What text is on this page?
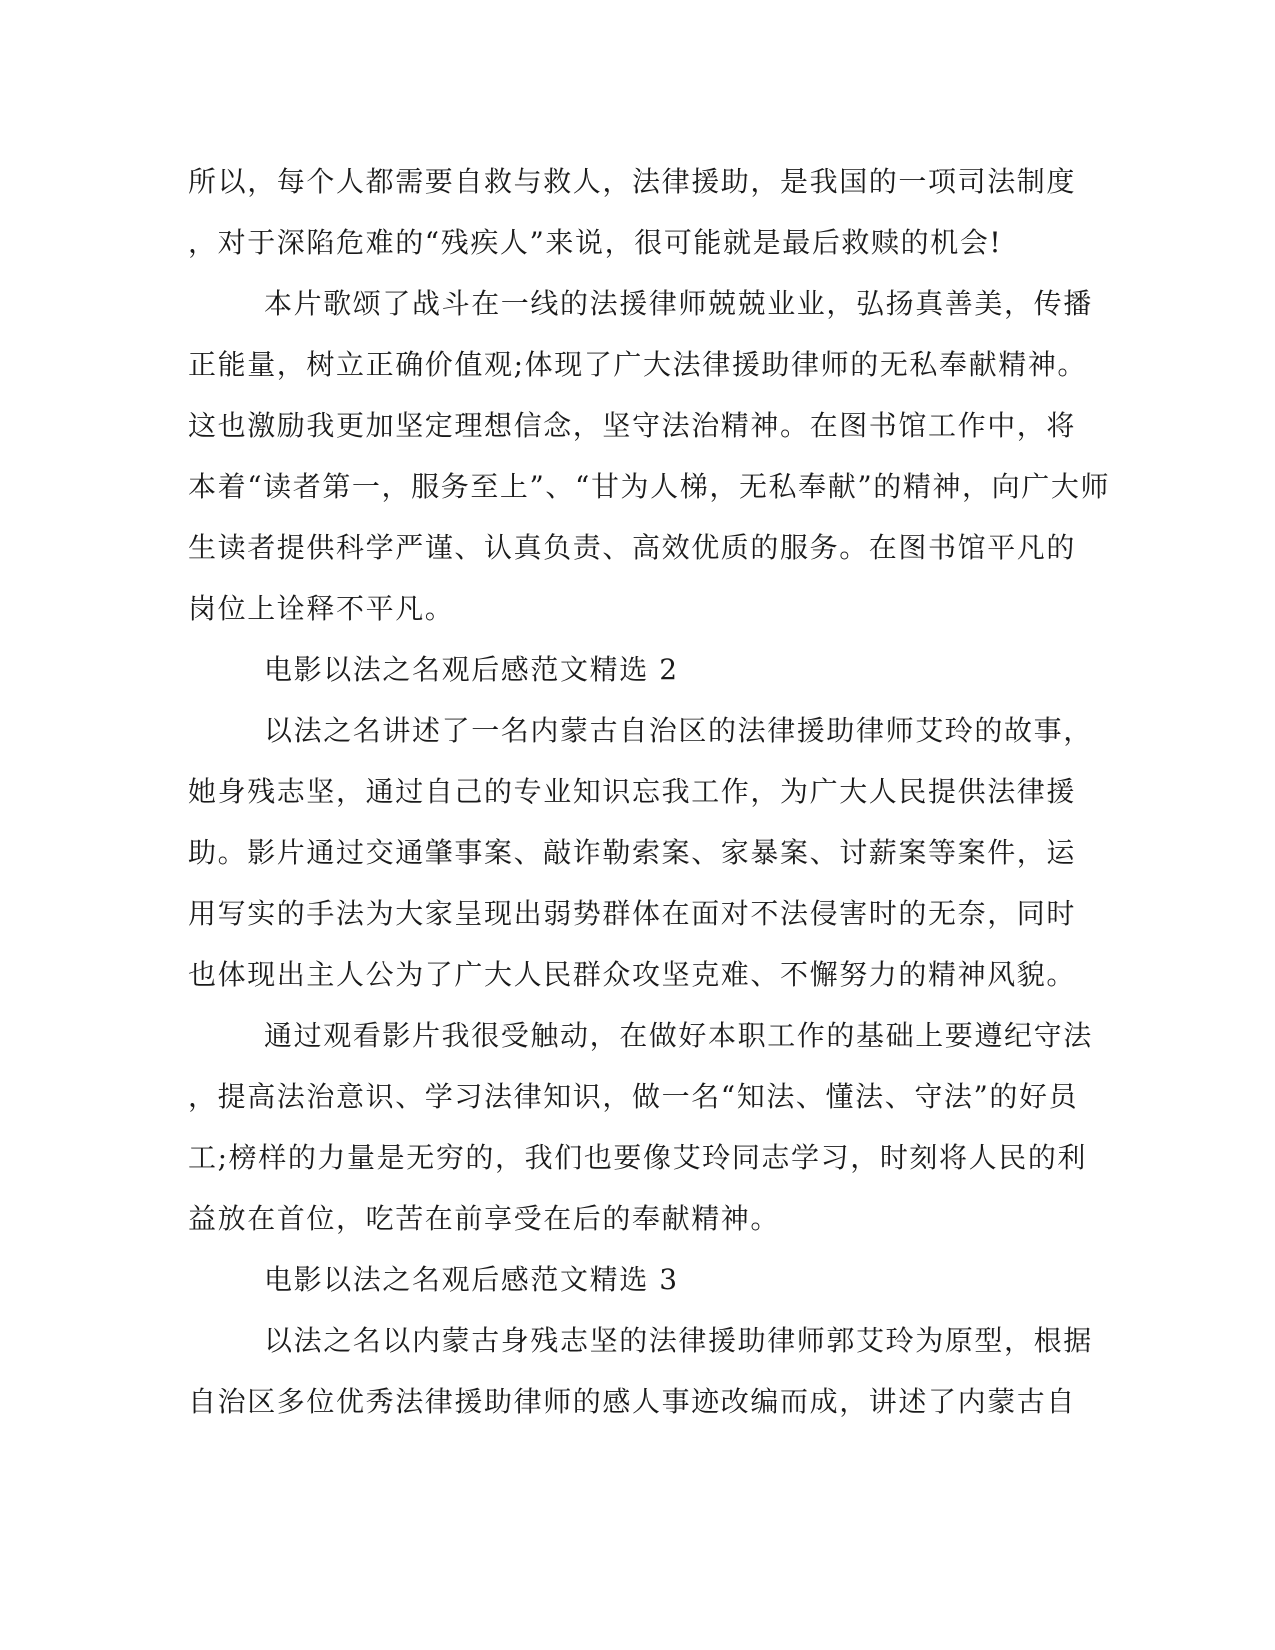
所以，每个人都需要自救与救人，法律援助，是我国的一项司法制度
，对于深陷危难的“残疾人”来说，很可能就是最后救赎的机会!
本片歌颂了战斗在一线的法援律师兢兢业业，弘扬真善美，传播
正能量，树立正确价值观;体现了广大法律援助律师的无私奉献精神。
这也激励我更加坚定理想信念，坚守法治精神。在图书馆工作中，将
本着“读者第一，服务至上”、“甘为人梯，无私奉献”的精神，向广大师
生读者提供科学严谨、认真负责、高效优质的服务。在图书馆平凡的
岗位上诠释不平凡。
电影以法之名观后感范文精选 2
以法之名讲述了一名内蒙古自治区的法律援助律师艾玲的故事，
她身残志坚，通过自己的专业知识忘我工作，为广大人民提供法律援
助。影片通过交通肇事案、敲诈勒索案、家暴案、讨薪案等案件，运
用写实的手法为大家呈现出弱势群体在面对不法侵害时的无奈，同时
也体现出主人公为了广大人民群众攻坚克难、不懈努力的精神风貌。
通过观看影片我很受触动，在做好本职工作的基础上要遵纪守法
，提高法治意识、学习法律知识，做一名“知法、懂法、守法”的好员
工;榜样的力量是无穷的，我们也要像艾玲同志学习，时刻将人民的利
益放在首位，吃苦在前享受在后的奉献精神。
电影以法之名观后感范文精选 3
以法之名以内蒙古身残志坚的法律援助律师郭艾玲为原型，根据
自治区多位优秀法律援助律师的感人事迹改编而成，讲述了内蒙古自
